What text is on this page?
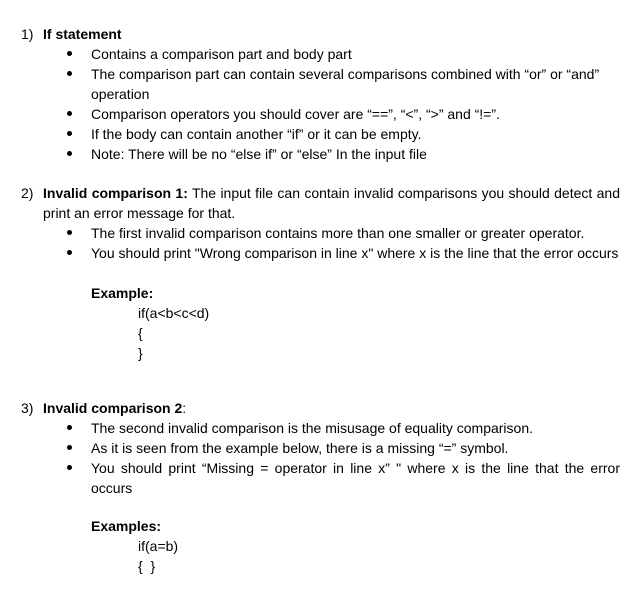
1) If statement
Contains a comparison part and body part
The comparison part can contain several comparisons combined with “or” or “and” operation
Comparison operators you should cover are “==”, “<”, “>” and “!=”.
If the body can contain another “if” or it can be empty.
Note: There will be no “else if” or “else” In the input file
2) Invalid comparison 1: The input file can contain invalid comparisons you should detect and print an error message for that.
The first invalid comparison contains more than one smaller or greater operator.
You should print "Wrong comparison in line x" where x is the line that the error occurs
Example:
if(a<b<c<d)
{
}
3) Invalid comparison 2:
The second invalid comparison is the misusage of equality comparison.
As it is seen from the example below, there is a missing “=” symbol.
You should print “Missing = operator in line x” " where x is the line that the error occurs
Examples:
if(a=b)
{  }
